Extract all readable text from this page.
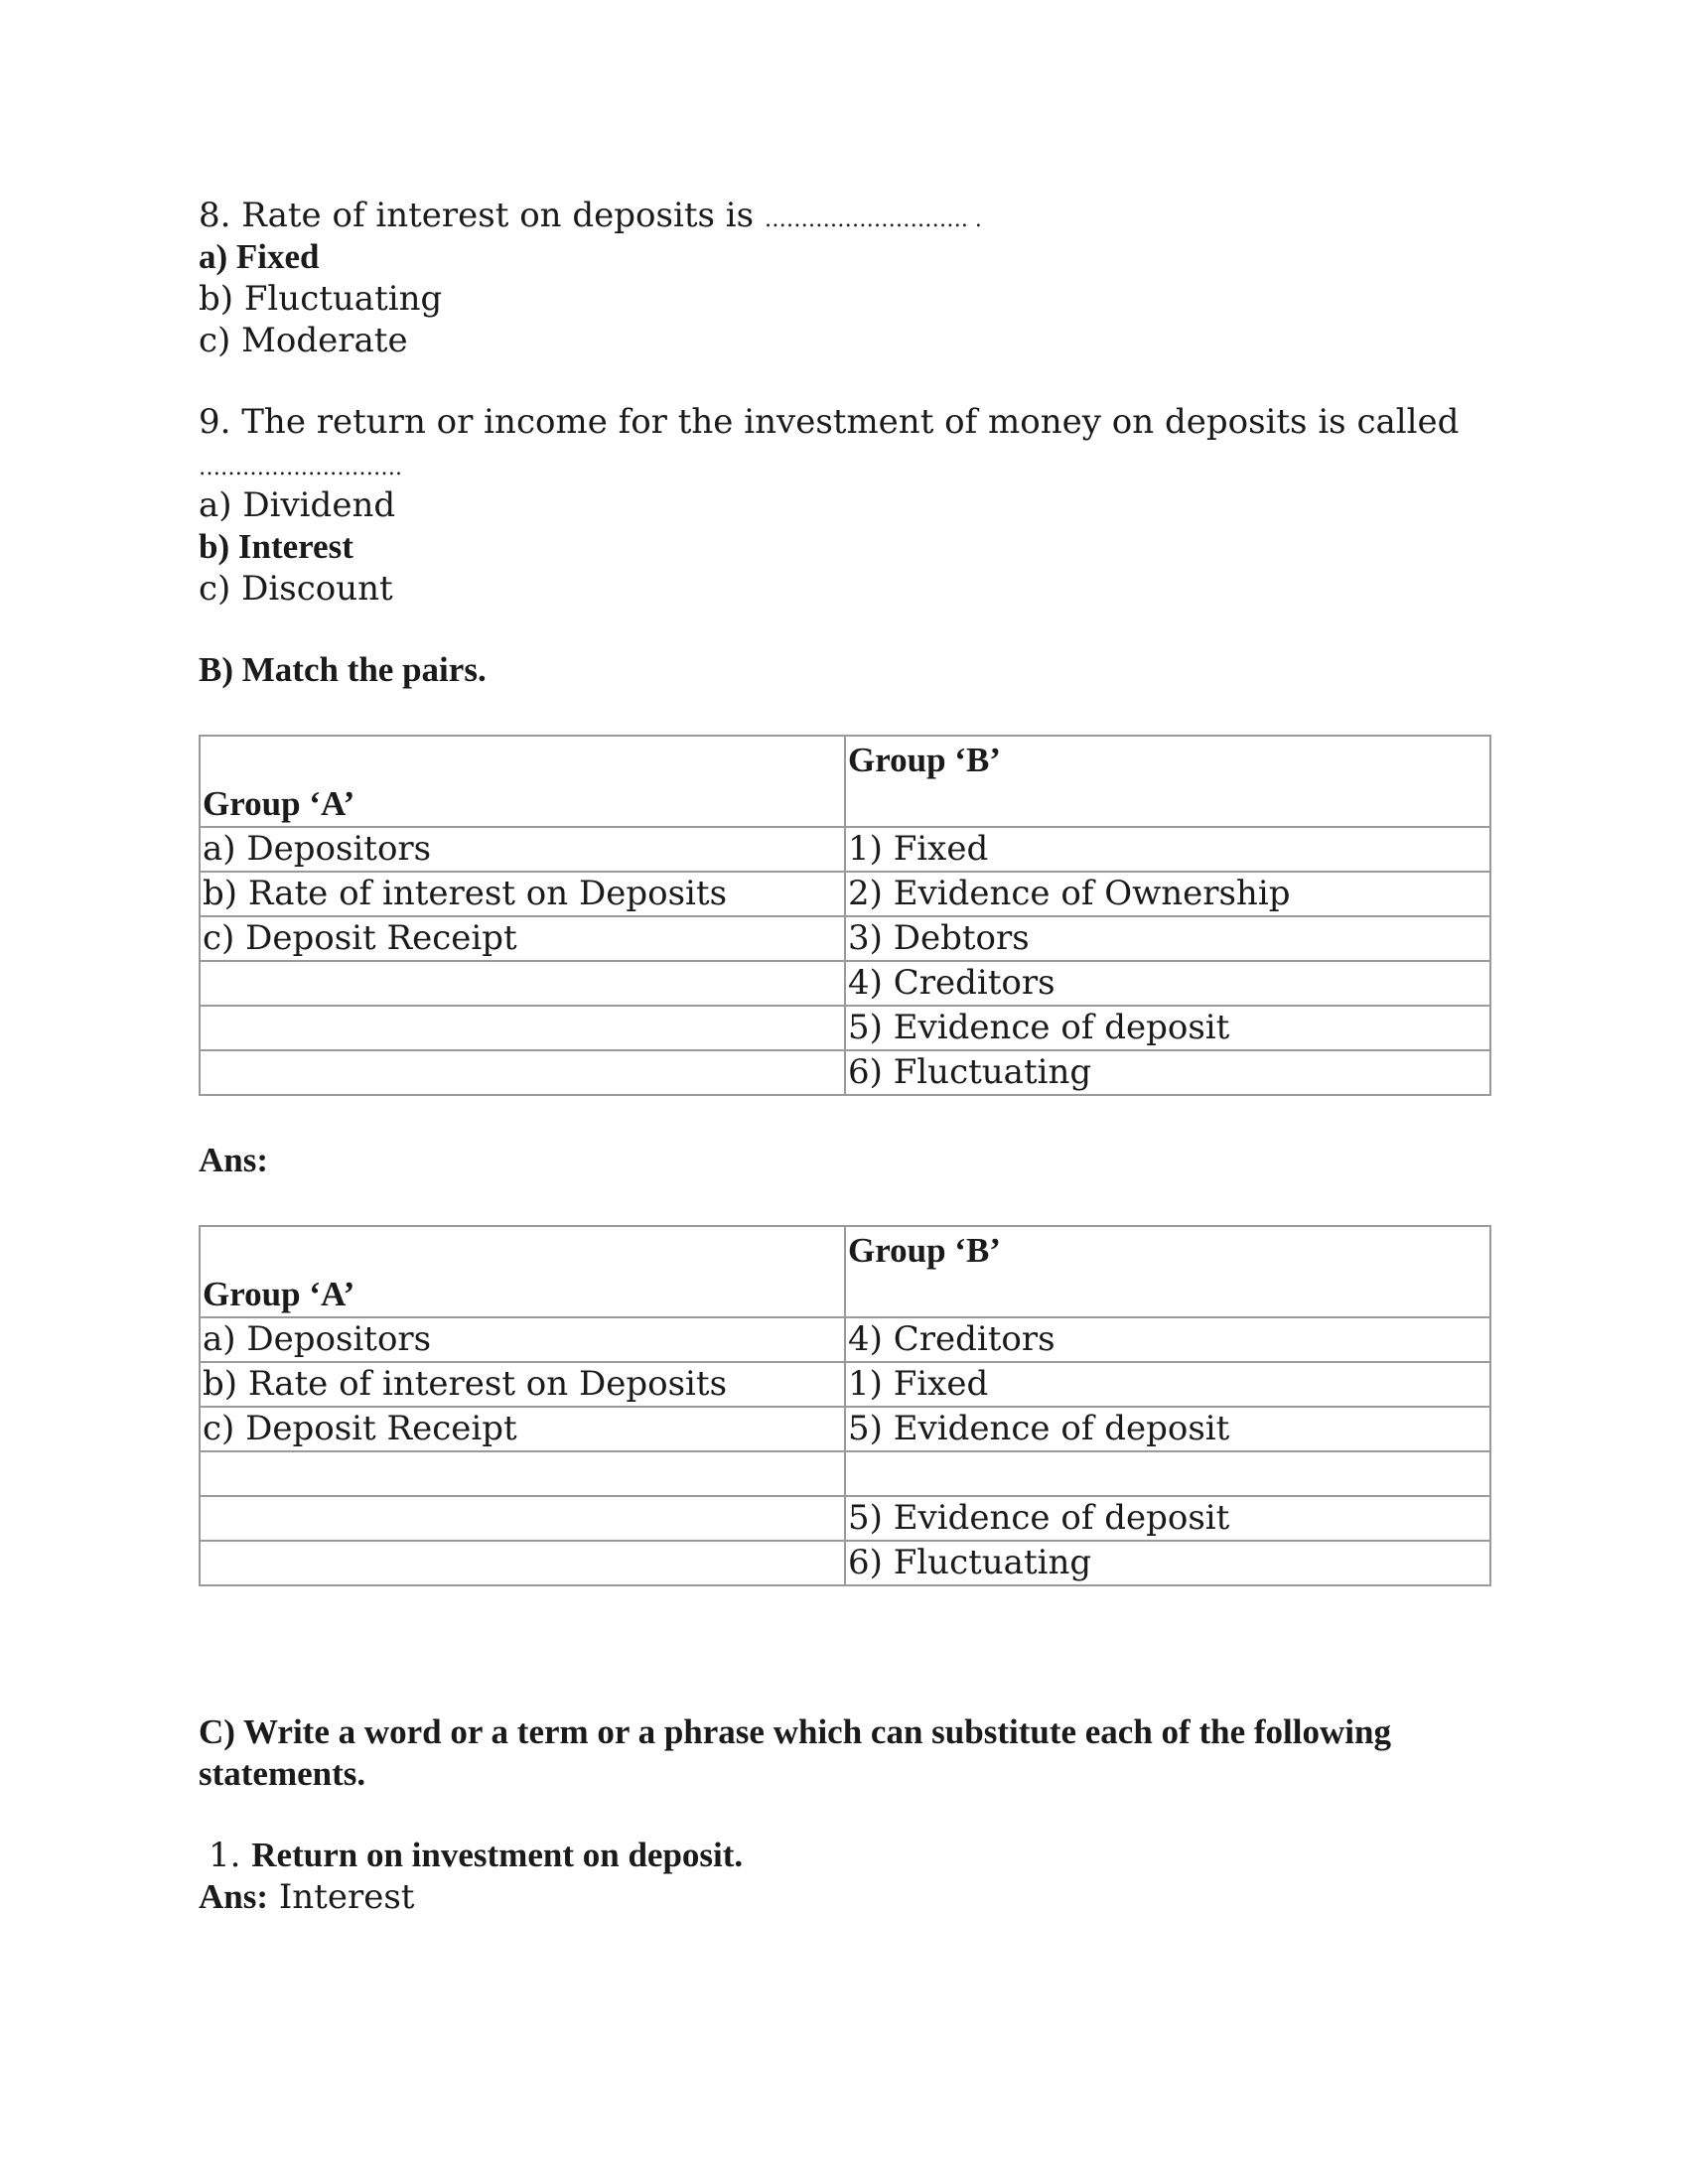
8. Rate of interest on deposits is ………………………. .
a) Fixed
b) Fluctuating
c) Moderate
9. The return or income for the investment of money on deposits is called
……………………….
a) Dividend
b) Interest
c) Discount
B) Match the pairs.
Group ‘A’	Group ‘B’
a) Depositors	1) Fixed
b) Rate of interest on Deposits	2) Evidence of Ownership
c) Deposit Receipt	3) Debtors
	4) Creditors
	5) Evidence of deposit
	6) Fluctuating
Ans:
Group ‘A’	Group ‘B’
a) Depositors	4) Creditors
b) Rate of interest on Deposits	1) Fixed
c) Deposit Receipt	5) Evidence of deposit

	5) Evidence of deposit
	6) Fluctuating
C) Write a word or a term or a phrase which can substitute each of the following
statements.
1. Return on investment on deposit.
Ans: Interest
